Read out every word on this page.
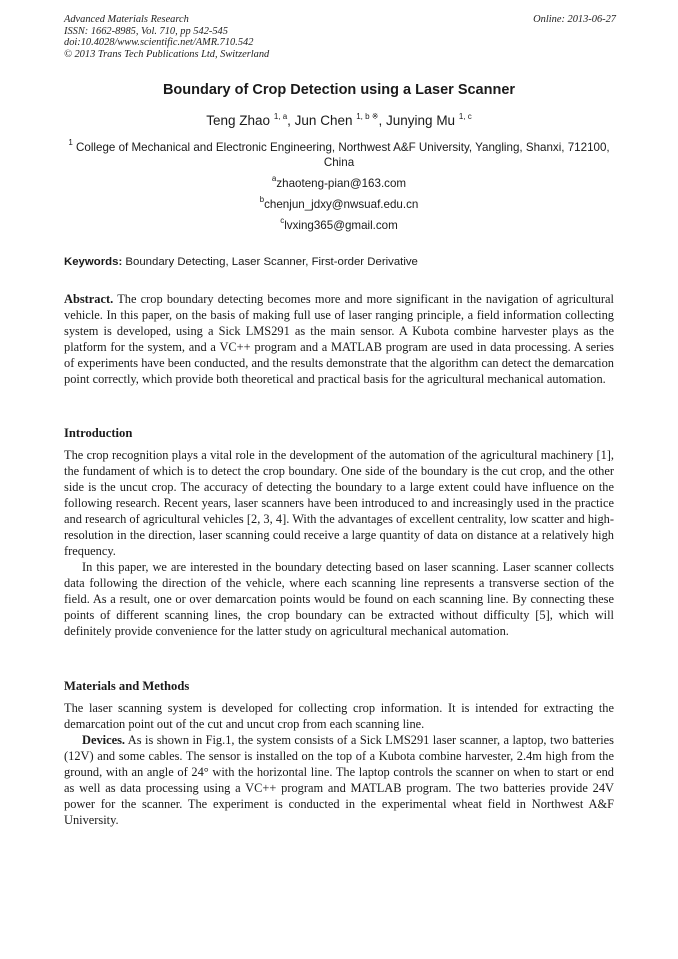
Advanced Materials Research
ISSN: 1662-8985, Vol. 710, pp 542-545
doi:10.4028/www.scientific.net/AMR.710.542
© 2013 Trans Tech Publications Ltd, Switzerland
Online: 2013-06-27
Boundary of Crop Detection using a Laser Scanner
Teng Zhao $^{1, a}$, Jun Chen $^{1, b ※}$, Junying Mu $^{1, c}$
$^1$ College of Mechanical and Electronic Engineering, Northwest A&F University, Yangling, Shanxi, 712100, China
$^a$zhaoteng-pian@163.com
$^b$chenjun_jdxy@nwsuaf.edu.cn
$^c$lvxing365@gmail.com
Keywords: Boundary Detecting, Laser Scanner, First-order Derivative

Abstract. The crop boundary detecting becomes more and more significant in the navigation of agricultural vehicle. In this paper, on the basis of making full use of laser ranging principle, a field information collecting system is developed, using a Sick LMS291 as the main sensor. A Kubota combine harvester plays as the platform for the system, and a VC++ program and a MATLAB program are used in data processing. A series of experiments have been conducted, and the results demonstrate that the algorithm can detect the demarcation point correctly, which provide both theoretical and practical basis for the agricultural mechanical automation.

Introduction

The crop recognition plays a vital role in the development of the automation of the agricultural machinery [1], the fundament of which is to detect the crop boundary. One side of the boundary is the cut crop, and the other side is the uncut crop. The accuracy of detecting the boundary to a large extent could have influence on the following research. Recent years, laser scanners have been introduced to and increasingly used in the practice and research of agricultural vehicles [2, 3, 4]. With the advantages of excellent centrality, low scatter and high-resolution in the direction, laser scanning could receive a large quantity of data on distance at a relatively high frequency.

In this paper, we are interested in the boundary detecting based on laser scanning. Laser scanner collects data following the direction of the vehicle, where each scanning line represents a transverse section of the field. As a result, one or over demarcation points would be found on each scanning line. By connecting these points of different scanning lines, the crop boundary can be extracted without difficulty [5], which will definitely provide convenience for the latter study on agricultural mechanical automation.

Materials and Methods

The laser scanning system is developed for collecting crop information. It is intended for extracting the demarcation point out of the cut and uncut crop from each scanning line.

Devices. As is shown in Fig.1, the system consists of a Sick LMS291 laser scanner, a laptop, two batteries (12V) and some cables. The sensor is installed on the top of a Kubota combine harvester, 2.4m high from the ground, with an angle of 24° with the horizontal line. The laptop controls the scanner on when to start or end as well as data processing using a VC++ program and MATLAB program. The two batteries provide 24V power for the scanner. The experiment is conducted in the experimental wheat field in Northwest A&F University.
